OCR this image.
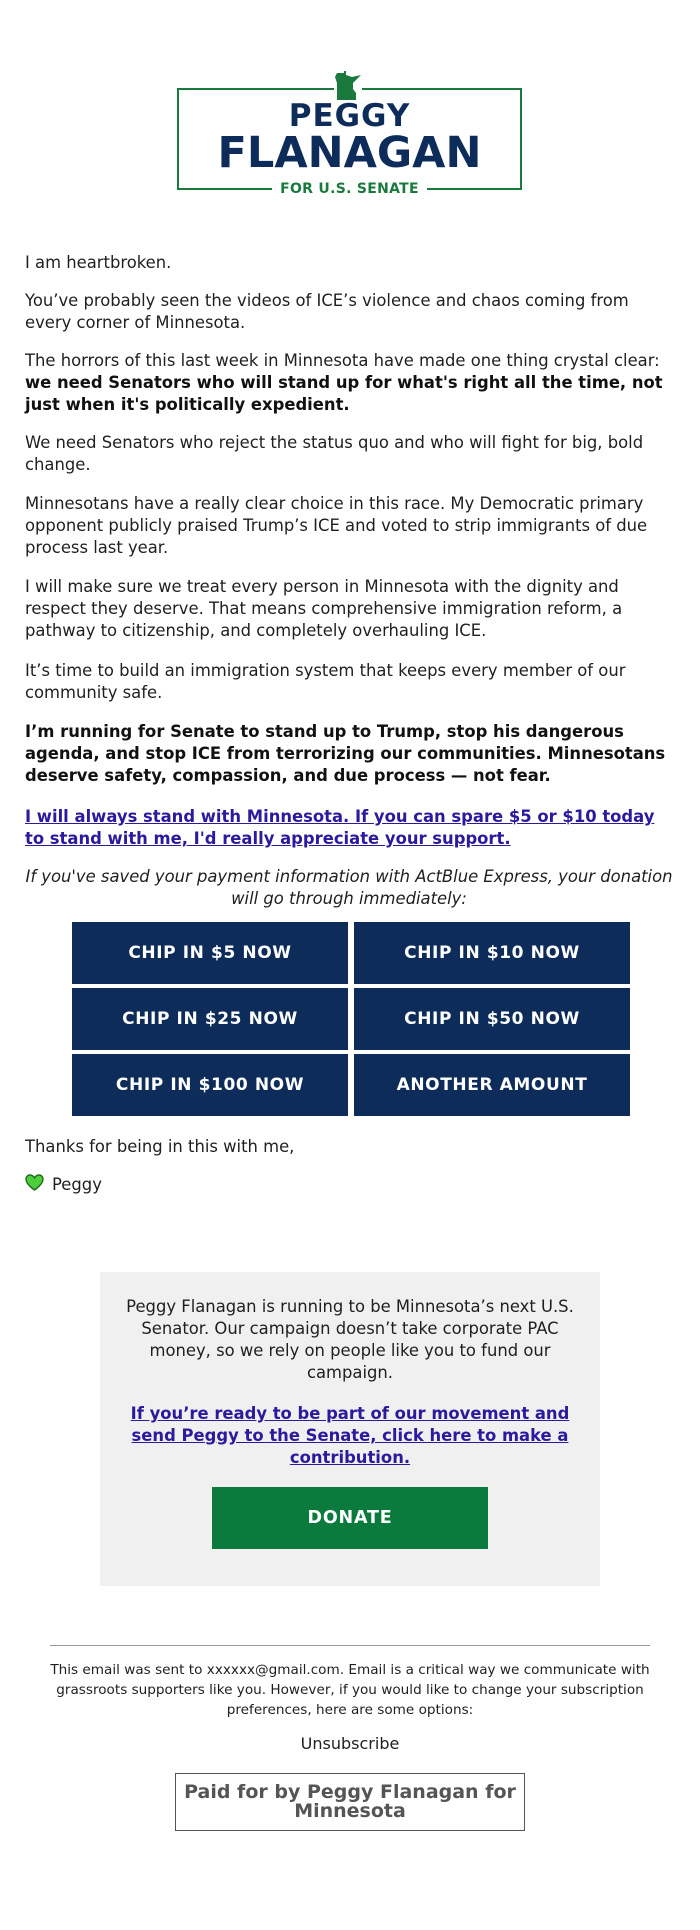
PEGGY
FLANAGAN
FOR U.S. SENATE

I am heartbroken.

You’ve probably seen the videos of ICE’s violence and chaos coming from every corner of Minnesota.

The horrors of this last week in Minnesota have made one thing crystal clear: we need Senators who will stand up for what's right all the time, not just when it's politically expedient.

We need Senators who reject the status quo and who will fight for big, bold change.

Minnesotans have a really clear choice in this race. My Democratic primary opponent publicly praised Trump’s ICE and voted to strip immigrants of due process last year.

I will make sure we treat every person in Minnesota with the dignity and respect they deserve. That means comprehensive immigration reform, a pathway to citizenship, and completely overhauling ICE.

It’s time to build an immigration system that keeps every member of our community safe.

I’m running for Senate to stand up to Trump, stop his dangerous agenda, and stop ICE from terrorizing our communities. Minnesotans deserve safety, compassion, and due process — not fear.

I will always stand with Minnesota. If you can spare $5 or $10 today to stand with me, I'd really appreciate your support.

If you've saved your payment information with ActBlue Express, your donation will go through immediately:

CHIP IN $5 NOW	CHIP IN $10 NOW
CHIP IN $25 NOW	CHIP IN $50 NOW
CHIP IN $100 NOW	ANOTHER AMOUNT

Thanks for being in this with me,

Peggy
Peggy Flanagan is running to be Minnesota’s next U.S. Senator. Our campaign doesn’t take corporate PAC money, so we rely on people like you to fund our campaign.
If you’re ready to be part of our movement and send Peggy to the Senate, click here to make a contribution.
DONATE
This email was sent to xxxxxx@gmail.com. Email is a critical way we communicate with grassroots supporters like you. However, if you would like to change your subscription preferences, here are some options:
Unsubscribe
Paid for by Peggy Flanagan for Minnesota
